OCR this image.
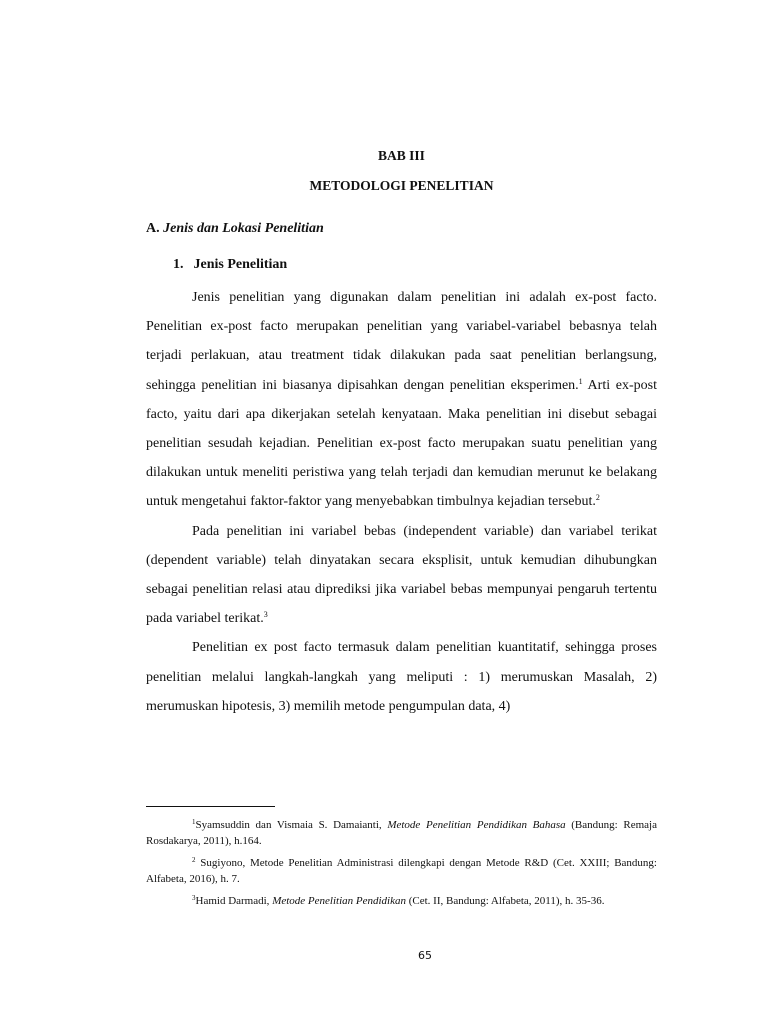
BAB III
METODOLOGI PENELITIAN
A. Jenis dan Lokasi Penelitian
1. Jenis Penelitian

Jenis penelitian yang digunakan dalam penelitian ini adalah ex-post facto. Penelitian ex-post facto merupakan penelitian yang variabel-variabel bebasnya telah terjadi perlakuan, atau treatment tidak dilakukan pada saat penelitian berlangsung, sehingga penelitian ini biasanya dipisahkan dengan penelitian eksperimen.$^1$ Arti ex-post facto, yaitu dari apa dikerjakan setelah kenyataan. Maka penelitian ini disebut sebagai penelitian sesudah kejadian. Penelitian ex-post facto merupakan suatu penelitian yang dilakukan untuk meneliti peristiwa yang telah terjadi dan kemudian merunut ke belakang untuk mengetahui faktor-faktor yang menyebabkan timbulnya kejadian tersebut.$^2$

Pada penelitian ini variabel bebas (independent variable) dan variabel terikat (dependent variable) telah dinyatakan secara eksplisit, untuk kemudian dihubungkan sebagai penelitian relasi atau diprediksi jika variabel bebas mempunyai pengaruh tertentu pada variabel terikat.$^3$

Penelitian ex post facto termasuk dalam penelitian kuantitatif, sehingga proses penelitian melalui langkah-langkah yang meliputi : 1) merumuskan Masalah, 2) merumuskan hipotesis, 3) memilih metode pengumpulan data, 4)

$^1$Syamsuddin dan Vismaia S. Damaianti, Metode Penelitian Pendidikan Bahasa (Bandung: Remaja Rosdakarya, 2011), h.164.

$^2$ Sugiyono, Metode Penelitian Administrasi dilengkapi dengan Metode R&D (Cet. XXIII; Bandung: Alfabeta, 2016), h. 7.

$^3$Hamid Darmadi, Metode Penelitian Pendidikan (Cet. II, Bandung: Alfabeta, 2011), h. 35-36.

65
